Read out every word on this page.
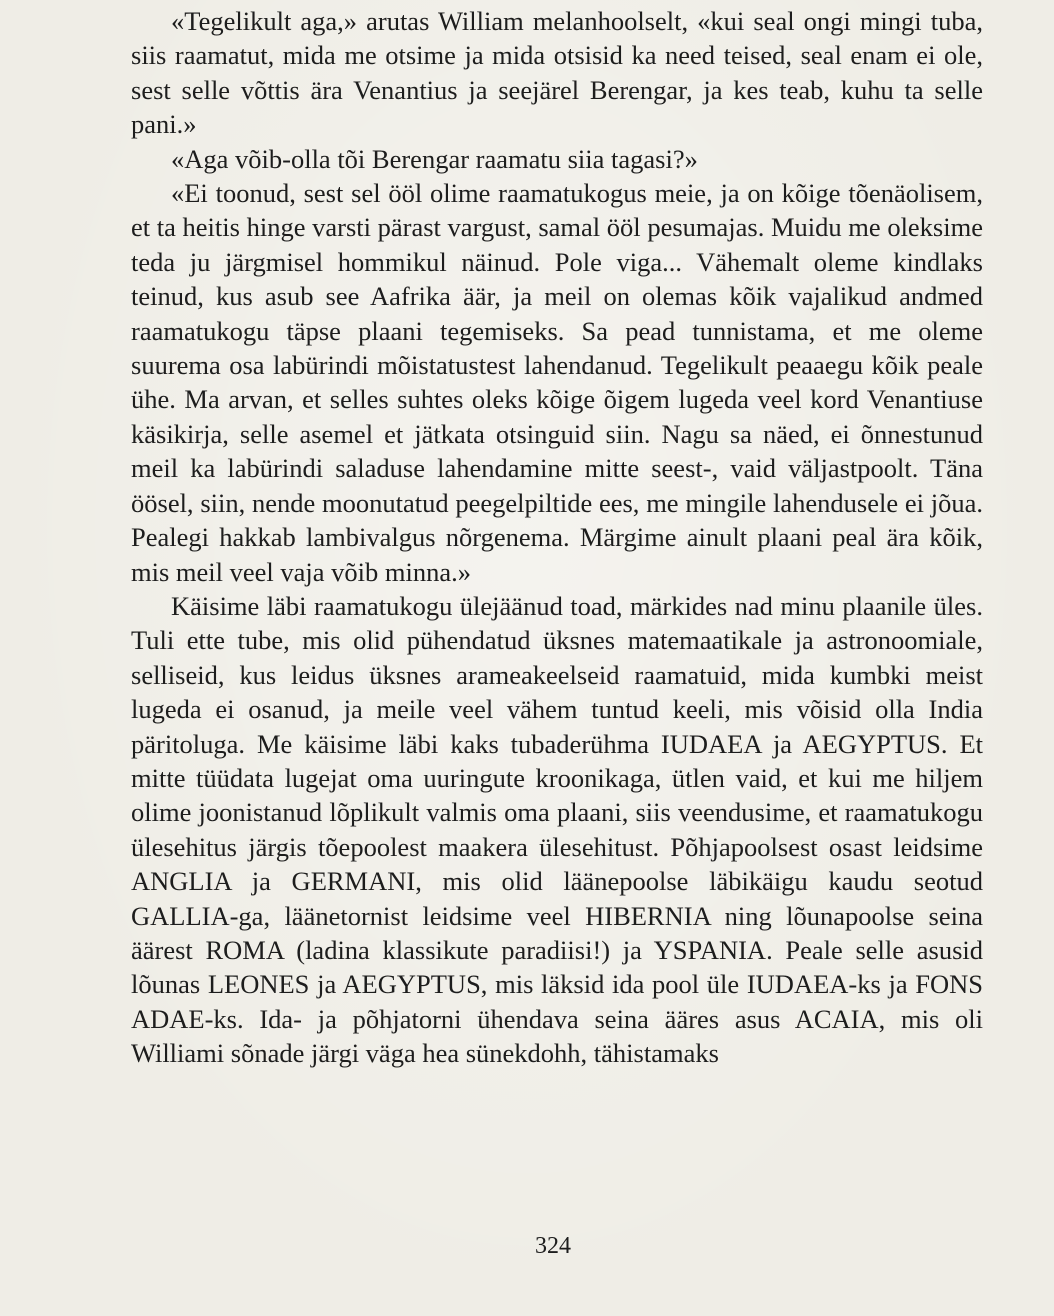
«Tegelikult aga,» arutas William melanhoolselt, «kui seal ongi mingi tuba, siis raamatut, mida me otsime ja mida otsisid ka need teised, seal enam ei ole, sest selle võttis ära Venantius ja seejärel Berengar, ja kes teab, kuhu ta selle pani.»

«Aga võib-olla tõi Berengar raamatu siia tagasi?»

«Ei toonud, sest sel ööl olime raamatukogus meie, ja on kõige tõenäolisem, et ta heitis hinge varsti pärast vargust, samal ööl pesumajas. Muidu me oleksime teda ju järgmisel hommikul näinud. Pole viga... Vähemalt oleme kindlaks teinud, kus asub see Aafrika äär, ja meil on olemas kõik vajalikud andmed raamatukogu täpse plaani tegemiseks. Sa pead tunnistama, et me oleme suurema osa labürindi mõistatustest lahendanud. Tegelikult peaaegu kõik peale ühe. Ma arvan, et selles suhtes oleks kõige õigem lugeda veel kord Venantiuse käsikirja, selle asemel et jätkata otsinguid siin. Nagu sa näed, ei õnnestunud meil ka labürindi saladuse lahendamine mitte seest-, vaid väljastpoolt. Täna öösel, siin, nende moonutatud peegelpiltide ees, me mingile lahendusele ei jõua. Pealegi hakkab lambivalgus nõrgenema. Märgime ainult plaani peal ära kõik, mis meil veel vaja võib minna.»

Käisime läbi raamatukogu ülejäänud toad, märkides nad minu plaanile üles. Tuli ette tube, mis olid pühendatud üksnes matemaatikale ja astronoomiale, selliseid, kus leidus üksnes arameakeelseid raamatuid, mida kumbki meist lugeda ei osanud, ja meile veel vähem tuntud keeli, mis võisid olla India päritoluga. Me käisime läbi kaks tubaderühma IUDAEA ja AEGYPTUS. Et mitte tüüdata lugejat oma uuringute kroonikaga, ütlen vaid, et kui me hiljem olime joonistanud lõplikult valmis oma plaani, siis veendusime, et raamatukogu ülesehitus järgis tõepoolest maakera ülesehitust. Põhjapoolsest osast leidsime ANGLIA ja GERMANI, mis olid läänepoolse läbikäigu kaudu seotud GALLIA-ga, läänetornist leidsime veel HIBERNIA ning lõunapoolse seina äärest ROMA (ladina klassikute paradiisi!) ja YSPANIA. Peale selle asusid lõunas LEONES ja AEGYPTUS, mis läksid ida pool üle IUDAEA-ks ja FONS ADAE-ks. Ida- ja põhjatorni ühendava seina ääres asus ACAIA, mis oli Williami sõnade järgi väga hea sünekdohh, tähistamaks

324
